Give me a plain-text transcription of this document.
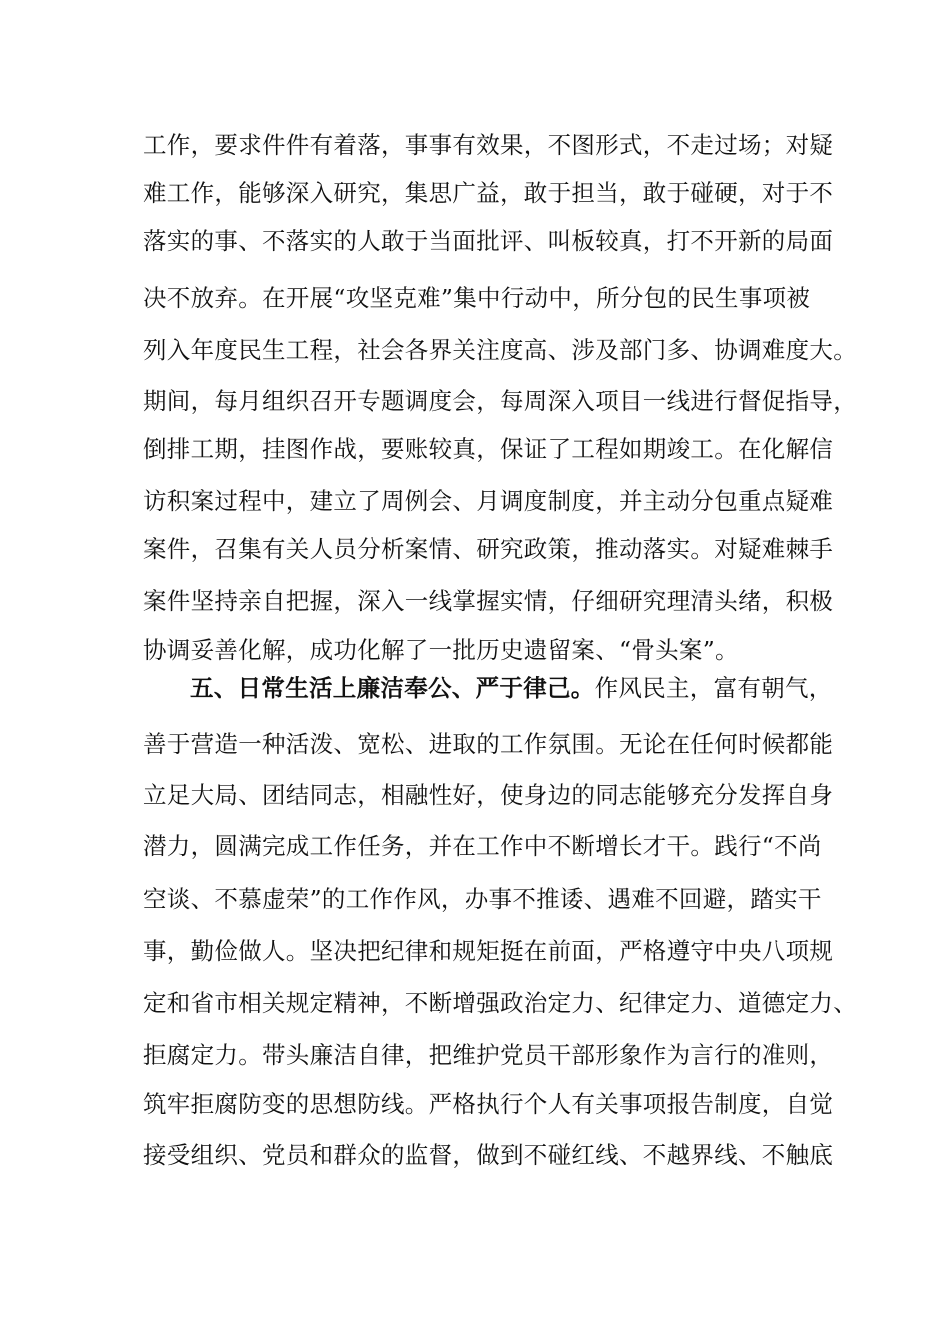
工作，要求件件有着落，事事有效果，不图形式，不走过场；对疑
难工作，能够深入研究，集思广益，敢于担当，敢于碰硬，对于不
落实的事、不落实的人敢于当面批评、叫板较真，打不开新的局面
决不放弃。在开展“攻坚克难”集中行动中，所分包的民生事项被
列入年度民生工程，社会各界关注度高、涉及部门多、协调难度大。
期间，每月组织召开专题调度会，每周深入项目一线进行督促指导，
倒排工期，挂图作战，要账较真，保证了工程如期竣工。在化解信
访积案过程中，建立了周例会、月调度制度，并主动分包重点疑难
案件，召集有关人员分析案情、研究政策，推动落实。对疑难棘手
案件坚持亲自把握，深入一线掌握实情，仔细研究理清头绪，积极
协调妥善化解，成功化解了一批历史遗留案、“骨头案”。
五、日常生活上廉洁奉公、严于律己。作风民主，富有朝气，
善于营造一种活泼、宽松、进取的工作氛围。无论在任何时候都能
立足大局、团结同志，相融性好，使身边的同志能够充分发挥自身
潜力，圆满完成工作任务，并在工作中不断增长才干。践行“不尚
空谈、不慕虚荣”的工作作风，办事不推诿、遇难不回避，踏实干
事，勤俭做人。坚决把纪律和规矩挺在前面，严格遵守中央八项规
定和省市相关规定精神，不断增强政治定力、纪律定力、道德定力、
拒腐定力。带头廉洁自律，把维护党员干部形象作为言行的准则，
筑牢拒腐防变的思想防线。严格执行个人有关事项报告制度，自觉
接受组织、党员和群众的监督，做到不碰红线、不越界线、不触底
